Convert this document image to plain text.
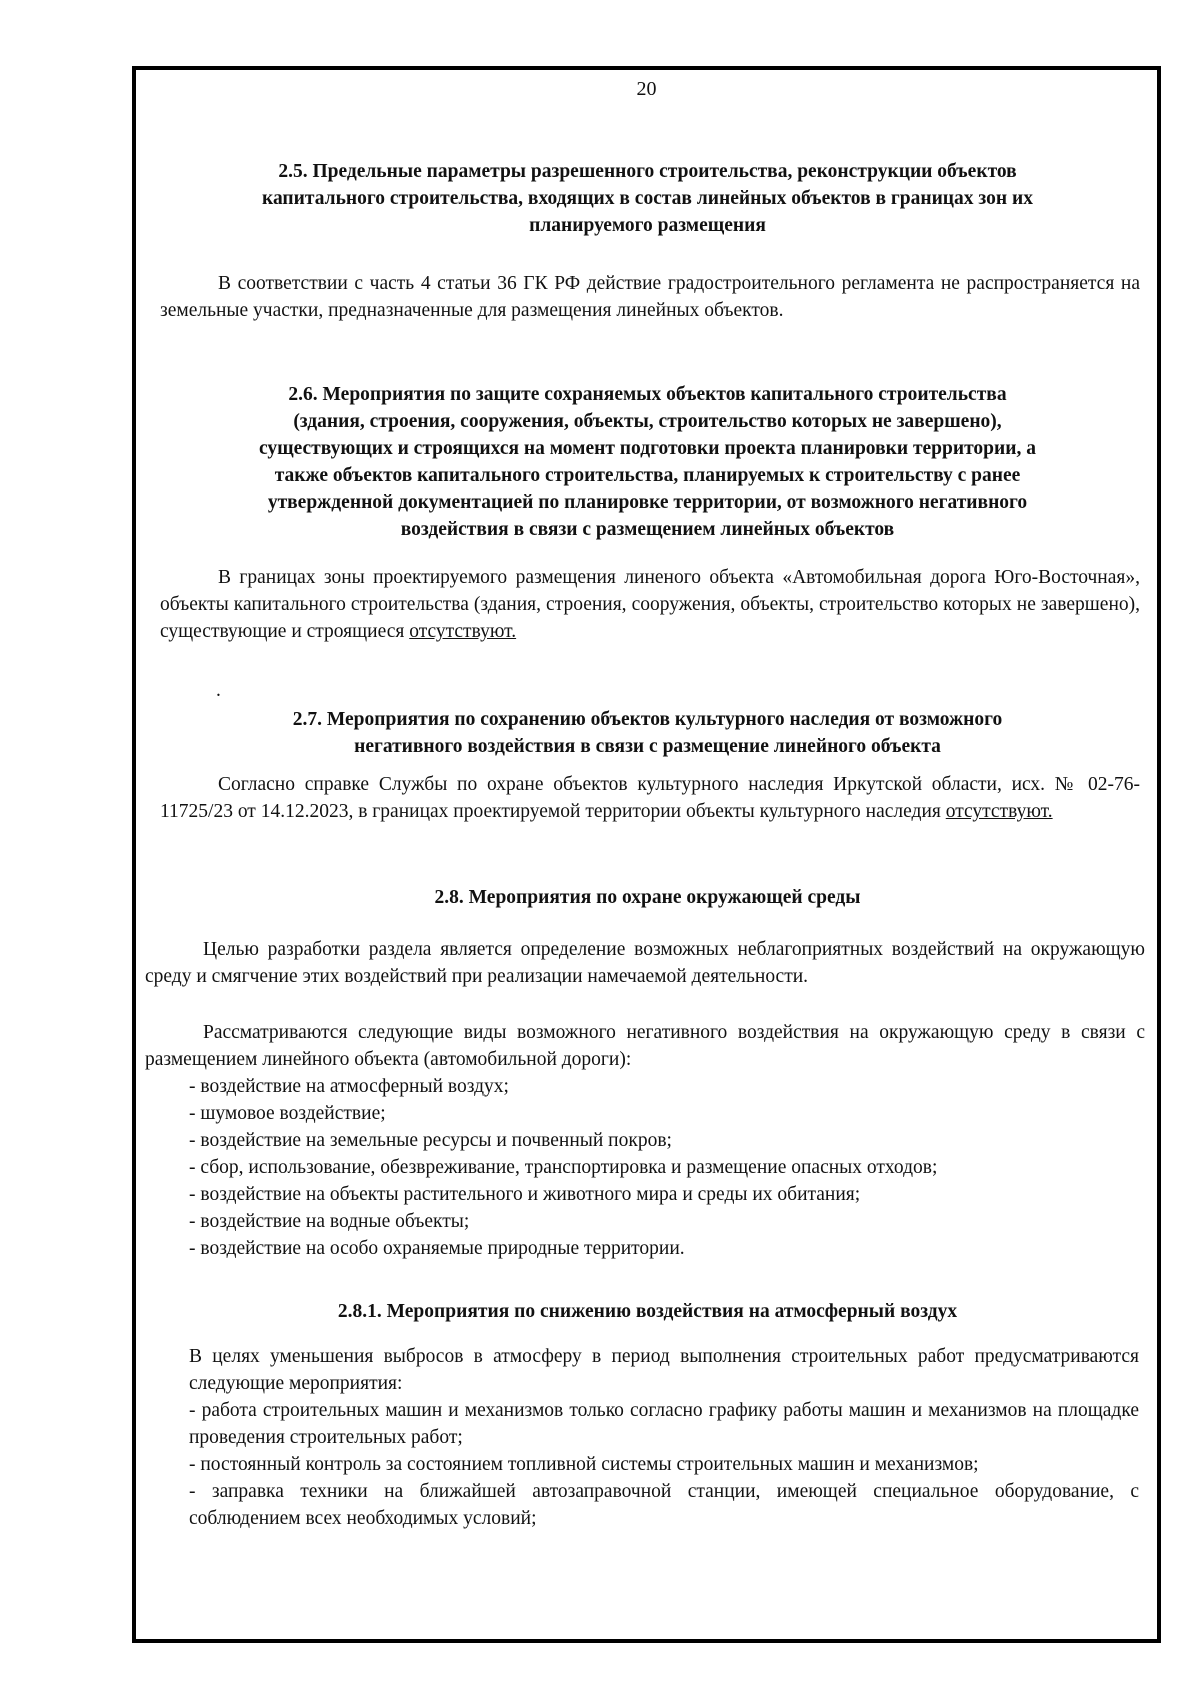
20
2.5. Предельные параметры разрешенного строительства, реконструкции объектов
капитального строительства, входящих в состав линейных объектов в границах зон их
планируемого размещения
В соответствии с часть 4 статьи 36 ГК РФ действие градостроительного регламента не распространяется на земельные участки, предназначенные для размещения линейных объектов.
2.6. Мероприятия по защите сохраняемых объектов капитального строительства
(здания, строения, сооружения, объекты, строительство которых не завершено),
существующих и строящихся на момент подготовки проекта планировки территории, а
также объектов капитального строительства, планируемых к строительству с ранее
утвержденной документацией по планировке территории, от возможного негативного
воздействия в связи с размещением линейных объектов
В границах зоны проектируемого размещения линеного объекта «Автомобильная дорога Юго-Восточная», объекты капитального строительства (здания, строения, сооружения, объекты, строительство которых не завершено), существующие и строящиеся отсутствуют.
.
2.7. Мероприятия по сохранению объектов культурного наследия от возможного
негативного воздействия в связи с размещение линейного объекта
Согласно справке Службы по охране объектов культурного наследия Иркутской области, исх. № 02-76-11725/23 от 14.12.2023, в границах проектируемой территории объекты культурного наследия отсутствуют.
2.8. Мероприятия по охране окружающей среды
Целью разработки раздела является определение возможных неблагоприятных воздействий на окружающую среду и смягчение этих воздействий при реализации намечаемой деятельности.
Рассматриваются следующие виды возможного негативного воздействия на окружающую среду в связи с размещением линейного объекта (автомобильной дороги):
- воздействие на атмосферный воздух;
- шумовое воздействие;
- воздействие на земельные ресурсы и почвенный покров;
- сбор, использование, обезвреживание, транспортировка и размещение опасных отходов;
- воздействие на объекты растительного и животного мира и среды их обитания;
- воздействие на водные объекты;
- воздействие на особо охраняемые природные территории.
2.8.1. Мероприятия по снижению воздействия на атмосферный воздух
В целях уменьшения выбросов в атмосферу в период выполнения строительных работ предусматриваются следующие мероприятия:
- работа строительных машин и механизмов только согласно графику работы машин и механизмов на площадке проведения строительных работ;
- постоянный контроль за состоянием топливной системы строительных машин и механизмов;
- заправка техники на ближайшей автозаправочной станции, имеющей специальное оборудование, с соблюдением всех необходимых условий;
